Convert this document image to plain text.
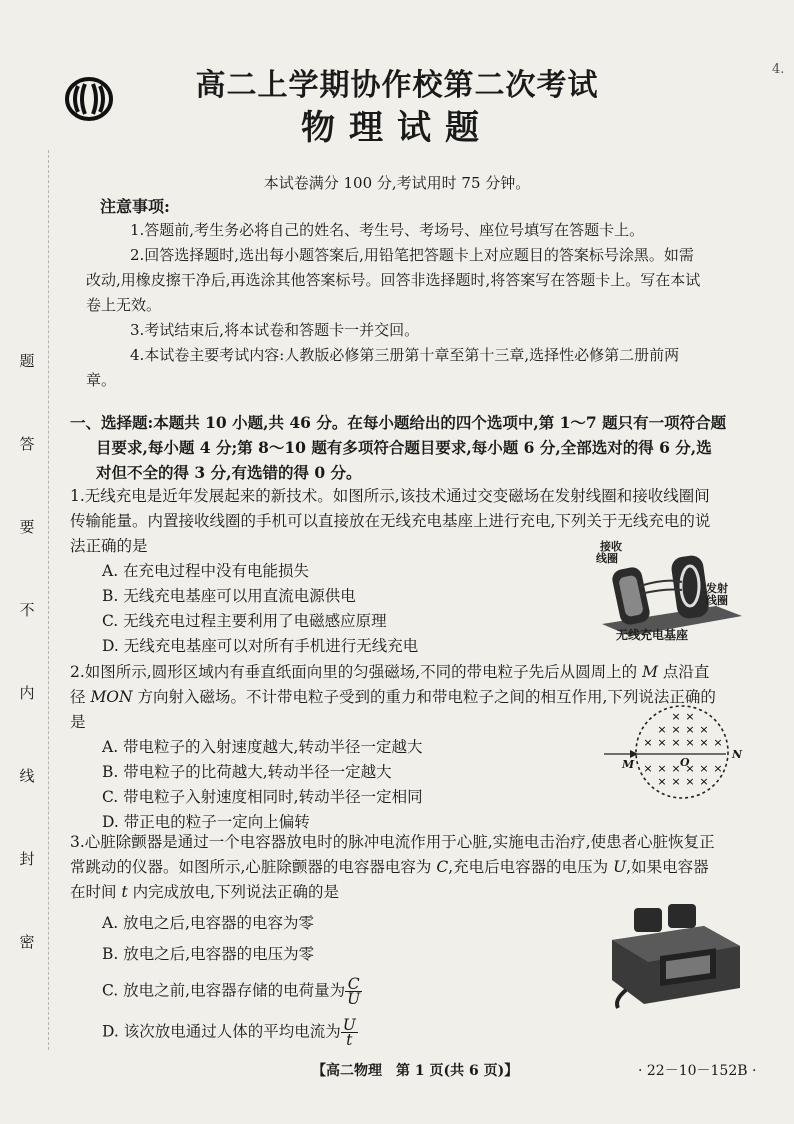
高二上学期协作校第二次考试
物理试题
本试卷满分 100 分,考试用时 75 分钟。
注意事项:

1.答题前,考生务必将自己的姓名、考生号、考场号、座位号填写在答题卡上。

2.回答选择题时,选出每小题答案后,用铅笔把答题卡上对应题目的答案标号涂黑。如需改动,用橡皮擦干净后,再选涂其他答案标号。回答非选择题时,将答案写在答题卡上。写在本试卷上无效。

3.考试结束后,将本试卷和答题卡一并交回。

4.本试卷主要考试内容:人教版必修第三册第十章至第十三章,选择性必修第二册前两章。

一、选择题:本题共 10 小题,共 46 分。在每小题给出的四个选项中,第 1～7 题只有一项符合题
目要求,每小题 4 分;第 8～10 题有多项符合题目要求,每小题 6 分,全部选对的得 6 分,选
对但不全的得 3 分,有选错的得 0 分。
1.无线充电是近年发展起来的新技术。如图所示,该技术通过交变磁场在发射线圈和接收线圈间传输能量。内置接收线圈的手机可以直接放在无线充电基座上进行充电,下列关于无线充电的说法正确的是
A. 在充电过程中没有电能损失
B. 无线充电基座可以用直流电源供电
C. 无线充电过程主要利用了电磁感应原理
D. 无线充电基座可以对所有手机进行无线充电
接收
线圈
发射
线圈
无线充电基座
2.如图所示,圆形区域内有垂直纸面向里的匀强磁场,不同的带电粒子先后从圆周上的 M 点沿直径 MON 方向射入磁场。不计带电粒子受到的重力和带电粒子之间的相互作用,下列说法正确的是
A. 带电粒子的入射速度越大,转动半径一定越大
B. 带电粒子的比荷越大,转动半径一定越大
C. 带电粒子入射速度相同时,转动半径一定相同
D. 带正电的粒子一定向上偏转
× ×
× × × ×
× × × × × ×
× × × × × ×
× × × ×
M	O
N
3.心脏除颤器是通过一个电容器放电时的脉冲电流作用于心脏,实施电击治疗,使患者心脏恢复正常跳动的仪器。如图所示,心脏除颤器的电容器电容为 C,充电后电容器的电压为 U,如果电容器在时间 t 内完成放电,下列说法正确的是
A. 放电之后,电容器的电容为零
B. 放电之后,电容器的电压为零
C. 放电之前,电容器存储的电荷量为 $\frac{C}{U}$
D. 该次放电通过人体的平均电流为 $\frac{U}{t}$
题
答
要
不
内
线
封
密
4.
【高二物理　第 1 页(共 6 页)】	· 22－10－152B ·
